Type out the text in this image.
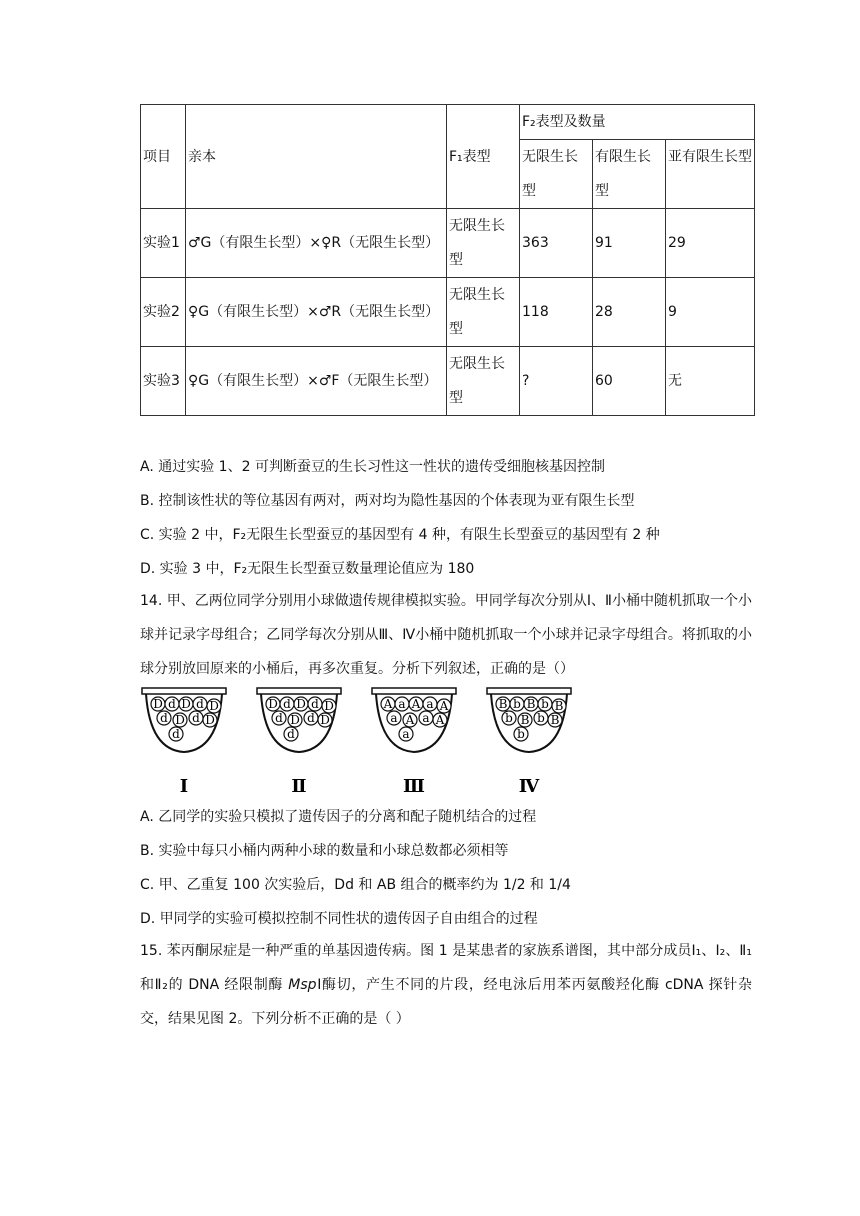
项目	亲本	F₁表型	F₂表型及数量		
			无限生长型	有限生长型	亚有限生长型

实验1	♂G（有限生长型）×♀R（无限生长型）	无限生长型	363	91	29
实验2	♀G（有限生长型）×♂R（无限生长型）	无限生长型	118	28	9
实验3	♀G（有限生长型）×♂F（无限生长型）	无限生长型	?	60	无

A. 通过实验 1、2 可判断蚕豆的生长习性这一性状的遗传受细胞核基因控制

B. 控制该性状的等位基因有两对，两对均为隐性基因的个体表现为亚有限生长型

C. 实验 2 中，F₂无限生长型蚕豆的基因型有 4 种，有限生长型蚕豆的基因型有 2 种

D. 实验 3 中，F₂无限生长型蚕豆数量理论值应为 180

14. 甲、乙两位同学分别用小球做遗传规律模拟实验。甲同学每次分别从Ⅰ、Ⅱ小桶中随机抓取一个小球并记录字母组合；乙同学每次分别从Ⅲ、Ⅳ小桶中随机抓取一个小球并记录字母组合。将抓取的小球分别放回原来的小桶后，再多次重复。分析下列叙述，正确的是（）

D d D d D
d D d D
d
Ⅰ
D d D d D
d D d D
d
Ⅱ
A a A a A
a A a A
a
Ⅲ
B b B b B
b B b B
b
Ⅳ

A. 乙同学的实验只模拟了遗传因子的分离和配子随机结合的过程

B. 实验中每只小桶内两种小球的数量和小球总数都必须相等

C. 甲、乙重复 100 次实验后，Dd 和 AB 组合的概率约为 1/2 和 1/4

D. 甲同学的实验可模拟控制不同性状的遗传因子自由组合的过程

15. 苯丙酮尿症是一种严重的单基因遗传病。图 1 是某患者的家族系谱图，其中部分成员Ⅰ₁、Ⅰ₂、Ⅱ₁和Ⅱ₂的 DNA 经限制酶 MspⅠ酶切，产生不同的片段，经电泳后用苯丙氨酸羟化酶 cDNA 探针杂交，结果见图 2。下列分析不正确的是（ ）
